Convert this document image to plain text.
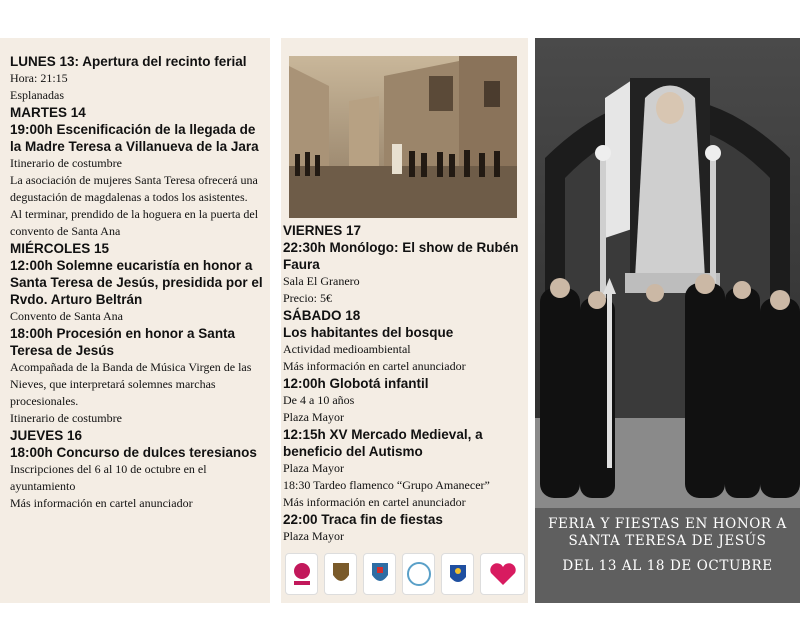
LUNES 13: Apertura del recinto ferial

Hora: 21:15

Esplanadas

MARTES 14

19:00h Escenificación de la llegada de la Madre Teresa a Villanueva de la Jara

Itinerario de costumbre

La asociación de mujeres Santa Teresa ofrecerá una degustación de magdalenas a todos los asistentes.

Al terminar, prendido de la hoguera en la puerta del convento de Santa Ana

MIÉRCOLES 15

12:00h Solemne eucaristía en honor a Santa Teresa de Jesús, presidida por el Rvdo. Arturo Beltrán

Convento de Santa Ana

18:00h Procesión en honor a Santa Teresa de Jesús

Acompañada de la Banda de Música Virgen de las Nieves, que interpretará solemnes marchas procesionales.

Itinerario de costumbre

JUEVES 16

18:00h Concurso de dulces teresianos

Inscripciones del 6 al 10 de octubre en el ayuntamiento

Más información en cartel anunciador

VIERNES 17

22:30h Monólogo: El show de Rubén Faura

Sala El Granero

Precio: 5€

SÁBADO 18

Los habitantes del bosque

Actividad medioambiental

Más información en cartel anunciador

12:00h Globotá infantil

De 4 a 10 años

Plaza Mayor

12:15h XV Mercado Medieval, a beneficio del Autismo

Plaza Mayor

18:30 Tardeo flamenco “Grupo Amanecer”

Más información en cartel anunciador

22:00 Traca fin de fiestas

Plaza Mayor

FERIA Y FIESTAS EN HONOR A SANTA TERESA DE JESÚS
DEL 13 AL 18 DE OCTUBRE
